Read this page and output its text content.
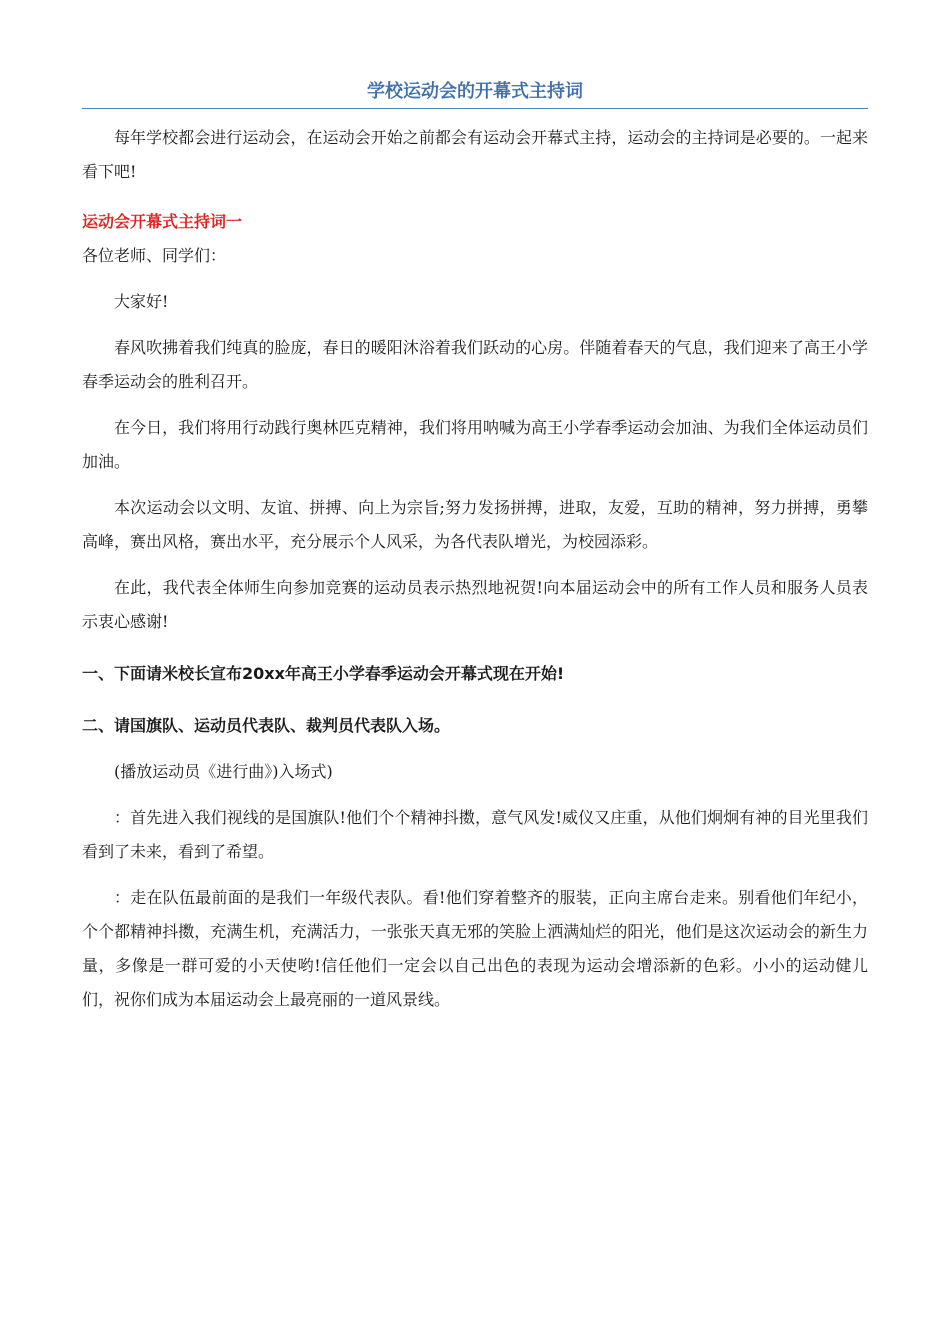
学校运动会的开幕式主持词

每年学校都会进行运动会，在运动会开始之前都会有运动会开幕式主持，运动会的主持词是必要的。一起来看下吧!

运动会开幕式主持词一

各位老师、同学们：

大家好!

春风吹拂着我们纯真的脸庞，春日的暖阳沐浴着我们跃动的心房。伴随着春天的气息，我们迎来了高王小学春季运动会的胜利召开。

在今日，我们将用行动践行奥林匹克精神，我们将用呐喊为高王小学春季运动会加油、为我们全体运动员们加油。

本次运动会以文明、友谊、拼搏、向上为宗旨;努力发扬拼搏，进取，友爱，互助的精神，努力拼搏，勇攀高峰，赛出风格，赛出水平，充分展示个人风采，为各代表队增光，为校园添彩。

在此，我代表全体师生向参加竞赛的运动员表示热烈地祝贺!向本届运动会中的所有工作人员和服务人员表示衷心感谢!

一、下面请米校长宣布20xx年高王小学春季运动会开幕式现在开始!
二、请国旗队、运动员代表队、裁判员代表队入场。

(播放运动员《进行曲》)入场式)

：首先进入我们视线的是国旗队!他们个个精神抖擞，意气风发!威仪又庄重，从他们炯炯有神的目光里我们看到了未来，看到了希望。

：走在队伍最前面的是我们一年级代表队。看!他们穿着整齐的服装，正向主席台走来。别看他们年纪小，个个都精神抖擞，充满生机，充满活力，一张张天真无邪的笑脸上洒满灿烂的阳光，他们是这次运动会的新生力量，多像是一群可爱的小天使哟!信任他们一定会以自己出色的表现为运动会增添新的色彩。小小的运动健儿们，祝你们成为本届运动会上最亮丽的一道风景线。
